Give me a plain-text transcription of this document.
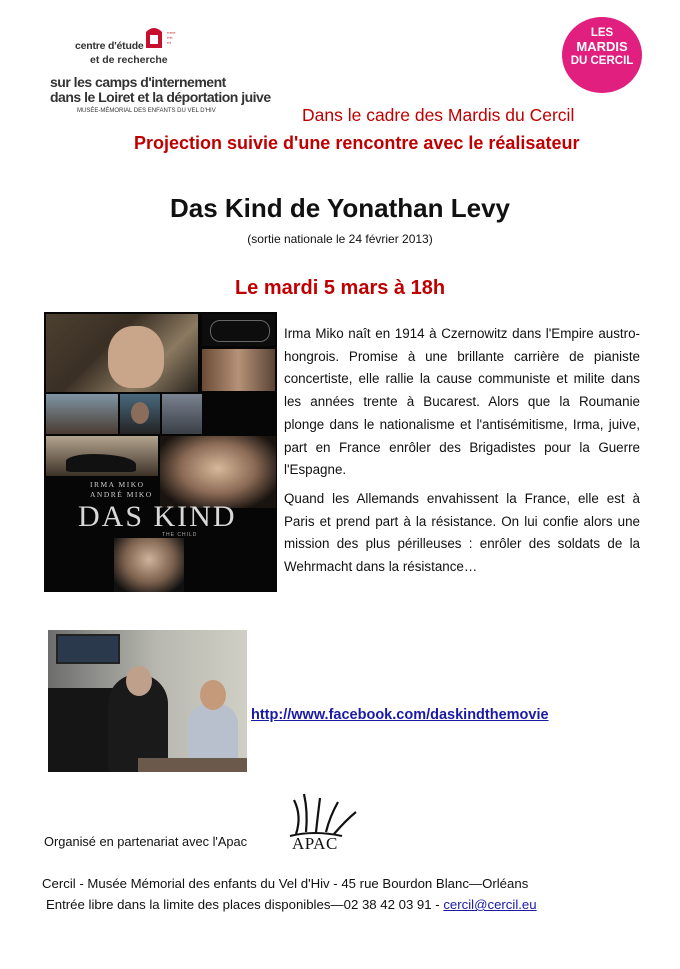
▪▪▪▪▪▪
▪▪▪▪
▪▪▪
centre d'étude
et de recherche
sur les camps d'internement
dans le Loiret et la déportation juive
MUSÉE-MÉMORIAL DES ENFANTS DU VEL D'HIV
LES
MARDIS
DU CERCIL
Dans le cadre des Mardis du Cercil
Projection suivie d'une rencontre avec le réalisateur
Das Kind de Yonathan Levy
(sortie nationale le 24 février 2013)
Le mardi 5 mars à 18h
IRMA MIKO
ANDRÉ MIKO
DAS KIND
THE CHILD

Irma Miko naît en 1914 à Czernowitz dans l'Empire austro-hongrois. Promise à une brillante carrière de pianiste concertiste, elle rallie la cause communiste et milite dans les années trente à Bucarest. Alors que la Roumanie plonge dans le nationalisme et l'antisémitisme, Irma, juive, part en France enrôler des Brigadistes pour la Guerre l'Espagne.

Quand les Allemands envahissent la France, elle est à Paris et prend part à la résistance. On lui confie alors une mission des plus périlleuses : enrôler des soldats de la Wehrmacht dans la résistance…

http://www.facebook.com/daskindthemovie
Organisé en partenariat avec l'Apac	APAC
Cercil - Musée Mémorial des enfants du Vel d'Hiv - 45 rue Bourdon Blanc—Orléans
Entrée libre dans la limite des places disponibles—02 38 42 03 91 - cercil@cercil.eu
